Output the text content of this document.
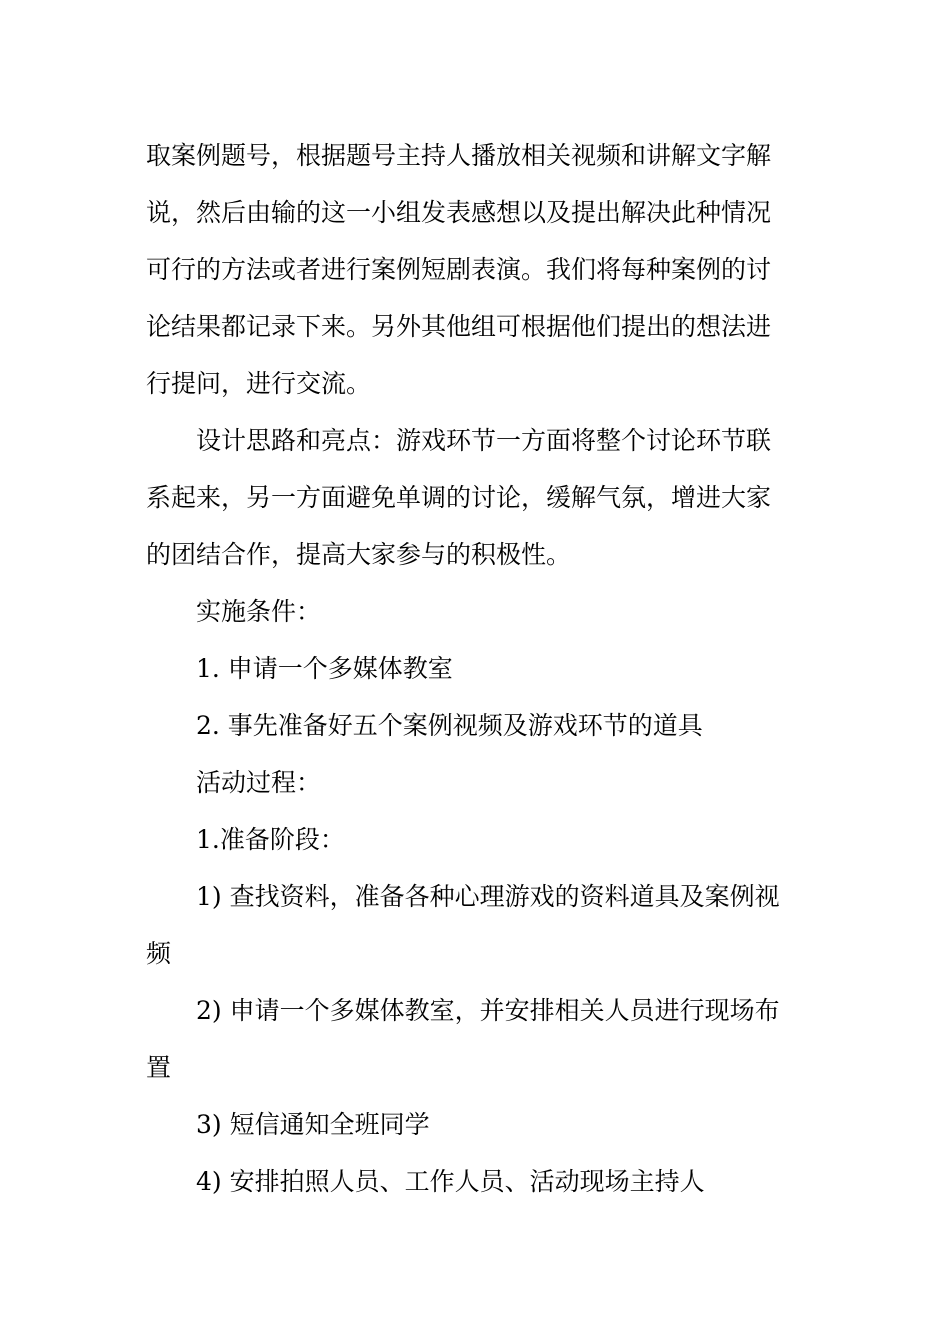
取案例题号，根据题号主持人播放相关视频和讲解文字解
说，然后由输的这一小组发表感想以及提出解决此种情况
可行的方法或者进行案例短剧表演。我们将每种案例的讨
论结果都记录下来。另外其他组可根据他们提出的想法进
行提问，进行交流。
设计思路和亮点：游戏环节一方面将整个讨论环节联
系起来，另一方面避免单调的讨论，缓解气氛，增进大家
的团结合作，提高大家参与的积极性。
实施条件：
1. 申请一个多媒体教室
2. 事先准备好五个案例视频及游戏环节的道具
活动过程：
1.准备阶段：
1) 查找资料，准备各种心理游戏的资料道具及案例视
频
2) 申请一个多媒体教室，并安排相关人员进行现场布
置
3) 短信通知全班同学
4) 安排拍照人员、工作人员、活动现场主持人
